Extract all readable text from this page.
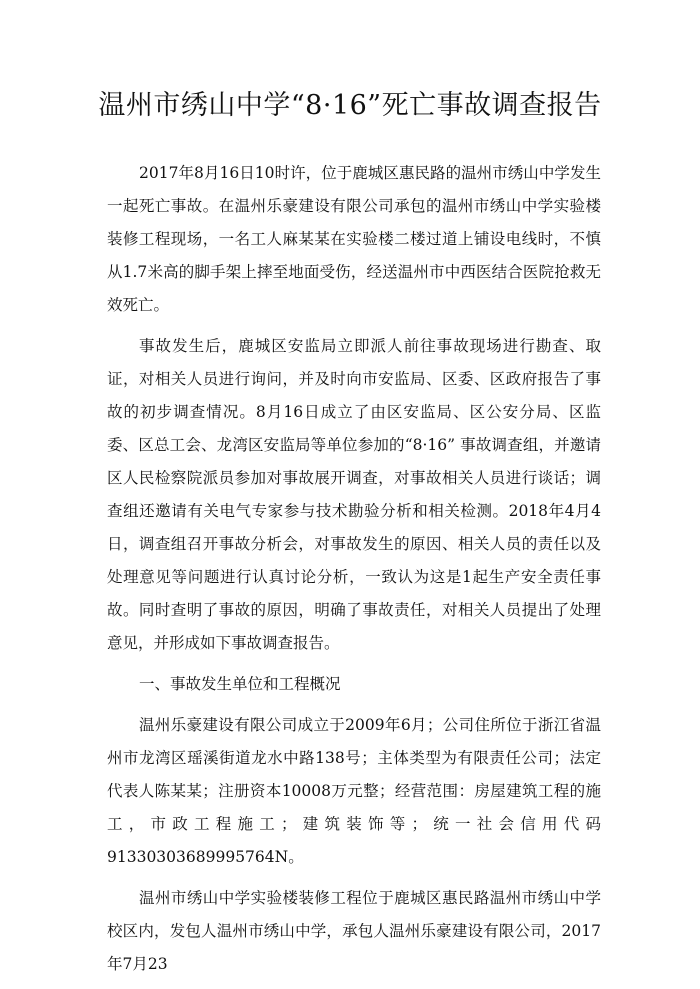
温州市绣山中学“8·16”死亡事故调查报告

2017年8月16日10时许，位于鹿城区惠民路的温州市绣山中学发生一起死亡事故。在温州乐豪建设有限公司承包的温州市绣山中学实验楼装修工程现场，一名工人麻某某在实验楼二楼过道上铺设电线时，不慎从1.7米高的脚手架上摔至地面受伤，经送温州市中西医结合医院抢救无效死亡。

事故发生后，鹿城区安监局立即派人前往事故现场进行勘查、取证，对相关人员进行询问，并及时向市安监局、区委、区政府报告了事故的初步调查情况。8月16日成立了由区安监局、区公安分局、区监委、区总工会、龙湾区安监局等单位参加的“8·16” 事故调查组，并邀请区人民检察院派员参加对事故展开调查，对事故相关人员进行谈话；调查组还邀请有关电气专家参与技术勘验分析和相关检测。2018年4月4日，调查组召开事故分析会，对事故发生的原因、相关人员的责任以及处理意见等问题进行认真讨论分析，一致认为这是1起生产安全责任事故。同时查明了事故的原因，明确了事故责任，对相关人员提出了处理意见，并形成如下事故调查报告。

一、事故发生单位和工程概况

温州乐豪建设有限公司成立于2009年6月；公司住所位于浙江省温州市龙湾区瑶溪街道龙水中路138号；主体类型为有限责任公司；法定代表人陈某某；注册资本10008万元整；经营范围：房屋建筑工程的施工，市政工程施工；建筑装饰等；统一社会信用代码91330303689995764N。

温州市绣山中学实验楼装修工程位于鹿城区惠民路温州市绣山中学校区内，发包人温州市绣山中学，承包人温州乐豪建设有限公司，2017年7月23
